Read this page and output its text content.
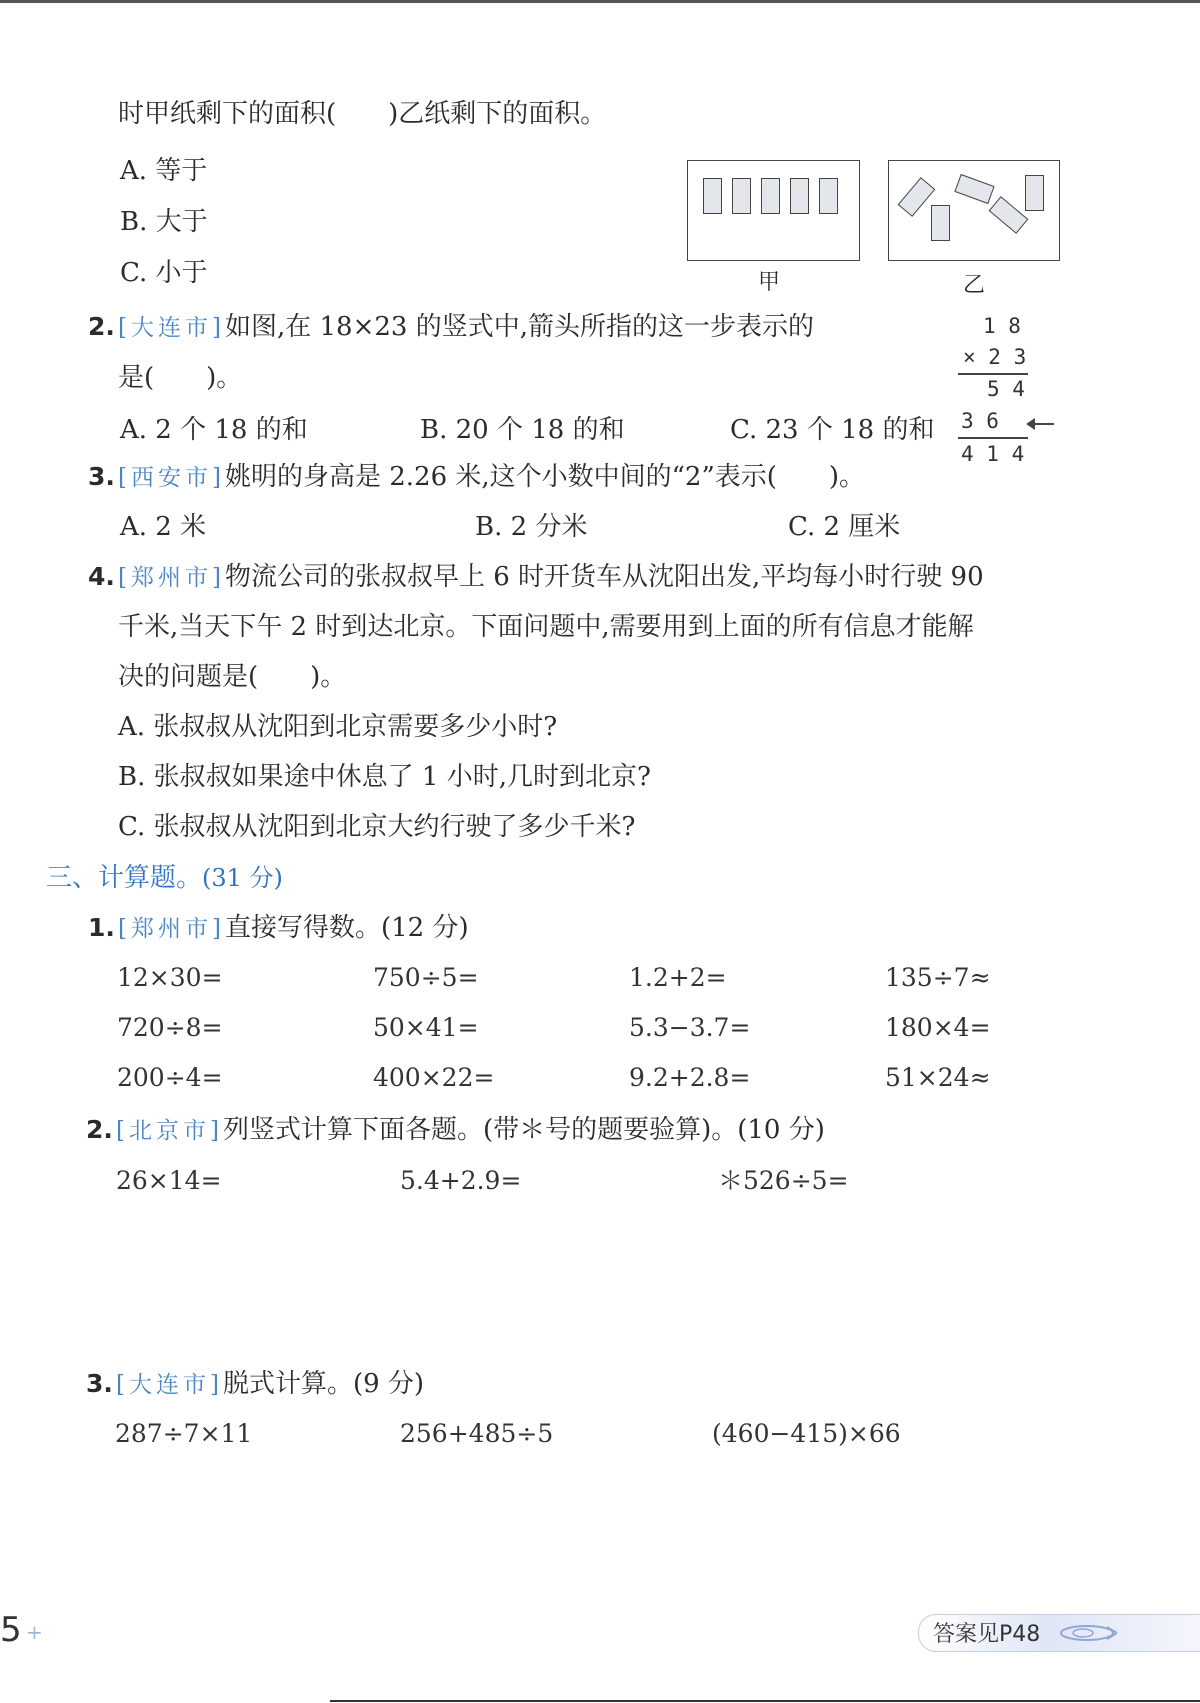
时甲纸剩下的面积(　　)乙纸剩下的面积。
A. 等于
B. 大于
C. 小于	甲	乙
2. [大连市]如图,在 18×23 的竖式中,箭头所指的这一步表示的
是(　　)。
A. 2 个 18 的和	B. 20 个 18 的和	C. 23 个 18 的和
1 8
× 2 3
5 4
3 6
4 1 4
3. [西安市]姚明的身高是 2.26 米,这个小数中间的“2”表示(　　)。
A. 2 米	B. 2 分米	C. 2 厘米
4. [郑州市]物流公司的张叔叔早上 6 时开货车从沈阳出发,平均每小时行驶 90
千米,当天下午 2 时到达北京。下面问题中,需要用到上面的所有信息才能解
决的问题是(　　)。
A. 张叔叔从沈阳到北京需要多少小时?
B. 张叔叔如果途中休息了 1 小时,几时到北京?
C. 张叔叔从沈阳到北京大约行驶了多少千米?
三、计算题。(31 分)
1. [郑州市]直接写得数。(12 分)
12×30=	750÷5=	1.2+2=	135÷7≈
720÷8=	50×41=	5.3−3.7=	180×4=
200÷4=	400×22=	9.2+2.8=	51×24≈
2. [北京市]列竖式计算下面各题。(带＊号的题要验算)。(10 分)
26×14=	5.4+2.9=	＊526÷5=
3. [大连市]脱式计算。(9 分)
287÷7×11	256+485÷5	(460−415)×66
5 +	答案见P48
